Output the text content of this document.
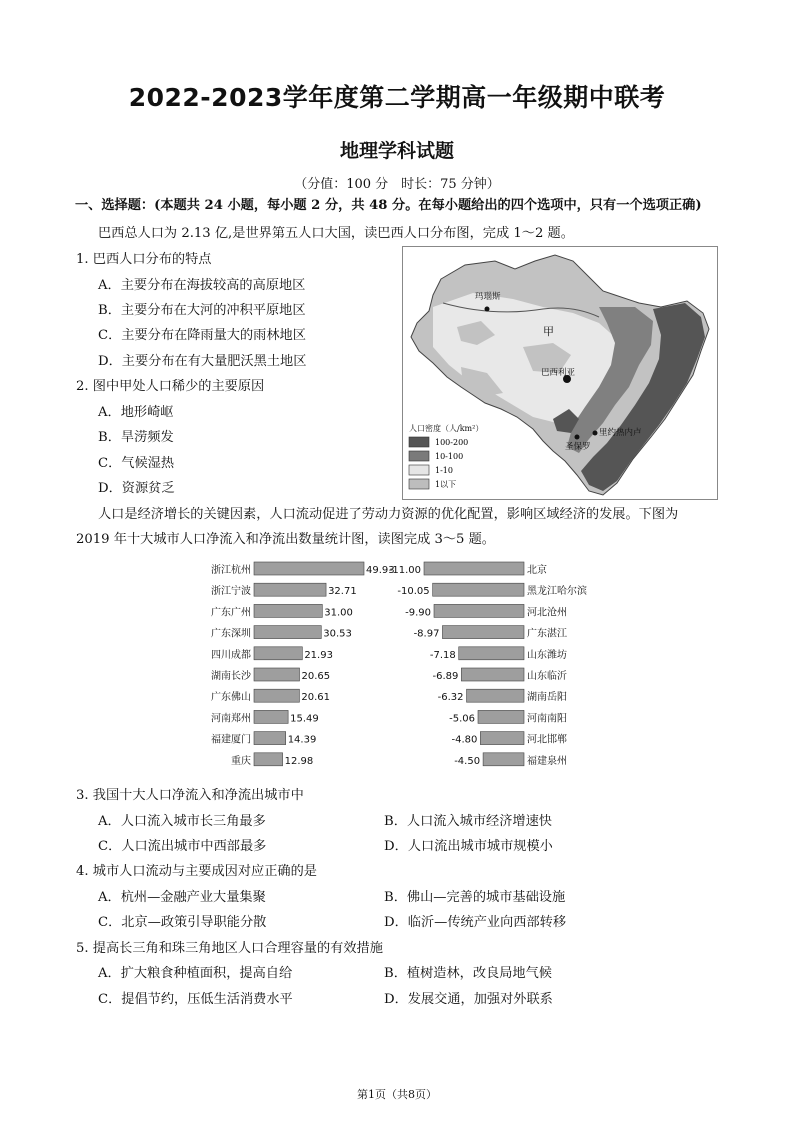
2022-2023学年度第二学期高一年级期中联考
地理学科试题
（分值：100 分　时长：75 分钟）
一、选择题：(本题共 24 小题，每小题 2 分，共 48 分。在每小题给出的四个选项中，只有一个选项正确)
巴西总人口为 2.13 亿,是世界第五人口大国，读巴西人口分布图，完成 1～2 题。
1. 巴西人口分布的特点
A．主要分布在海拔较高的高原地区
B．主要分布在大河的冲积平原地区
C．主要分布在降雨量大的雨林地区
D．主要分布在有大量肥沃黑土地区
2. 图中甲处人口稀少的主要原因
A．地形崎岖
B．旱涝频发
C．气候湿热
D．资源贫乏
玛瑙斯
甲
巴西利亚
里约热内卢
圣保罗
人口密度（人/km²）
100-200
10-100
1-10
1以下
人口是经济增长的关键因素，人口流动促进了劳动力资源的优化配置，影响区域经济的发展。下图为
2019 年十大城市人口净流入和净流出数量统计图，读图完成 3～5 题。
浙江杭州	49.93
浙江宁波	32.71
广东广州	31.00
广东深圳	30.53
四川成都	21.93
湖南长沙	20.65
广东佛山	20.61
河南郑州	15.49
福建厦门	14.39
重庆	12.98
-11.00	北京
-10.05	黑龙江哈尔滨
-9.90	河北沧州
-8.97	广东湛江
-7.18	山东潍坊
-6.89	山东临沂
-6.32	湖南岳阳
-5.06	河南南阳
-4.80	河北邯郸
-4.50	福建泉州
3. 我国十大人口净流入和净流出城市中
A．人口流入城市长三角最多	B．人口流入城市经济增速快
C．人口流出城市中西部最多	D．人口流出城市城市规模小
4. 城市人口流动与主要成因对应正确的是
A．杭州—金融产业大量集聚	B．佛山—完善的城市基础设施
C．北京—政策引导职能分散	D．临沂—传统产业向西部转移
5. 提高长三角和珠三角地区人口合理容量的有效措施
A．扩大粮食种植面积，提高自给	B．植树造林，改良局地气候
C．提倡节约，压低生活消费水平	D．发展交通，加强对外联系
第1页（共8页）
